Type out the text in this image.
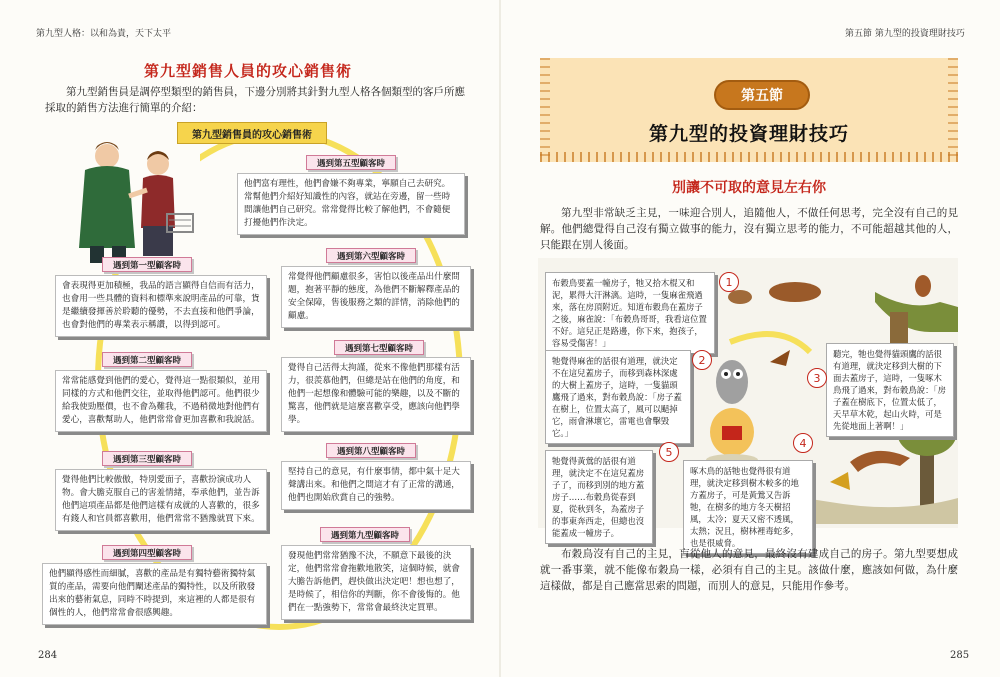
第九型人格：以和為貴，天下太平
第九型銷售人員的攻心銷售術

第九型銷售員是調停型類型的銷售員，下邊分別將其針對九型人格各個類型的客戶所應採取的銷售方法進行簡單的介紹：

第九型銷售員的攻心銷售術
遇到第五型顧客時
他們富有理性，他們會嫌不夠專業，寧願自己去研究。常幫他們介紹好知識性的內容，就站在旁邊，留一些時間讓他們自己研究。常常覺得比較了解他們，不會隨便打擾他們作決定。
遇到第六型顧客時
常覺得他們顧慮很多，害怕以後產品出什麼問題，抱著平靜的態度，為他們不斷解釋產品的安全保障，售後服務之類的詳情，消除他們的顧慮。
遇到第七型顧客時
覺得自己活得太拘謹，從來不像他們那樣有活力，很羨慕他們，但總是站在他們的角度，和他們一起想像和體驗可能的樂趣，以及不斷的驚喜，他們就是這麼喜歡享受，應該向他們學學。
遇到第八型顧客時
堅持自己的意見，有什麼事情，都中氣十足大聲講出來。和他們之間這才有了正常的溝通，他們也開始欣賞自己的強勢。
遇到第九型顧客時
發現他們常常猶豫不決，不願意下最後的決定，他們常常會拖歡地散笑，這個時候，就會大膽告訴他們，趕快做出決定吧！想也想了，是時候了，相信你的判斷，你不會後悔的。他們在一點強勢下，常常會最終決定買單。
遇到第一型顧客時
會表現得更加積極，我品的語言顯得自信而有活力，也會用一些具體的資料和標準來說明產品的可靠，貨是繼續發揮善於聆聽的優勢，不去直接和他們爭論，也會對他們的專業表示稱讚，以得到認可。
遇到第二型顧客時
常常能感覺到他們的愛心，覺得這一點很類似，並用同樣的方式和他們交往，並取得他們認可。他們很少給我使勁壓價，也不會為難我，不過稍微地對他們有愛心，喜歡幫助人，他們常常會更加喜歡和我說話。
遇到第三型顧客時
覺得他們比較傲傲，特別愛面子，喜歡扮演成功人物。會大膽克服自己的害羞情緒，奉承他們，並告訴他們這項產品都是他們這樣有成就的人喜歡的，很多有錢人和官員都喜歡用，他們常常不猶豫就買下來。
遇到第四型顧客時
他們顯得感性而細膩，喜歡的產品是有獨特藝術獨特氣質的產品，需要向他們闡述產品的獨特性，以及所散發出來的藝術氣息，同時不時提到，來這裡的人都是很有個性的人，他們常常會很感興趣。
284
第五節 第九型的投資理財技巧
第五節
第九型的投資理財技巧
別讓不可取的意見左右你

第九型非常缺乏主見，一味迎合別人，追隨他人，不做任何思考，完全沒有自己的見解。他們總覺得自己沒有獨立做事的能力，沒有獨立思考的能力，不可能超越其他的人，只能跟在別人後面。

布穀鳥要蓋一幢房子，牠又拾木棍又和泥，累得大汗淋漓。這時，一隻麻雀飛過來，落在房頂附近。知道布穀鳥在蓋房子之後，麻雀說：「布穀鳥哥哥，我看這位置不好。這兒正是路邊，你下來，抱孩子，容易受傷害！」
1
牠覺得麻雀的話很有道理，就決定不在這兒蓋房子，而移到森林深處的大樹上蓋房子，這時，一隻貓頭鷹飛了過來，對布穀鳥說：「房子蓋在樹上，位置太高了，風可以颳掉它，雨會淋壞它，雷電也會擊毀它。」
2	聽完，牠也覺得貓頭鷹的話很有道理，就決定移到大樹的下面去蓋房子，這時，一隻啄木鳥飛了過來，對布穀鳥說：「房子蓋在樹底下，位置太低了，天早草木乾，起山火時，可是先從地面上著啊！」
3
啄木鳥的話牠也覺得很有道理，就決定移到樹木較多的地方蓋房子，可是黃鶯又告訴牠，在樹多的地方冬天樹招風，太冷；夏天又密不透風，太熱；況且，樹林裡毒蛇多，也是很威脅。
4
牠覺得黃鶯的話很有道理，就決定不在這兒蓋房子了，而移到別的地方蓋房子……布穀鳥從春到夏，從秋到冬，為蓋房子的事東奔西走，但總也沒能蓋成一幢房子。
5

布穀鳥沒有自己的主見，盲從他人的意見，最終沒有建成自己的房子。第九型要想成就一番事業，就不能像布穀鳥一樣，必須有自己的主見。該做什麼，應該如何做，為什麼這樣做，都是自己應當思索的問題，而別人的意見，只能用作參考。

285
